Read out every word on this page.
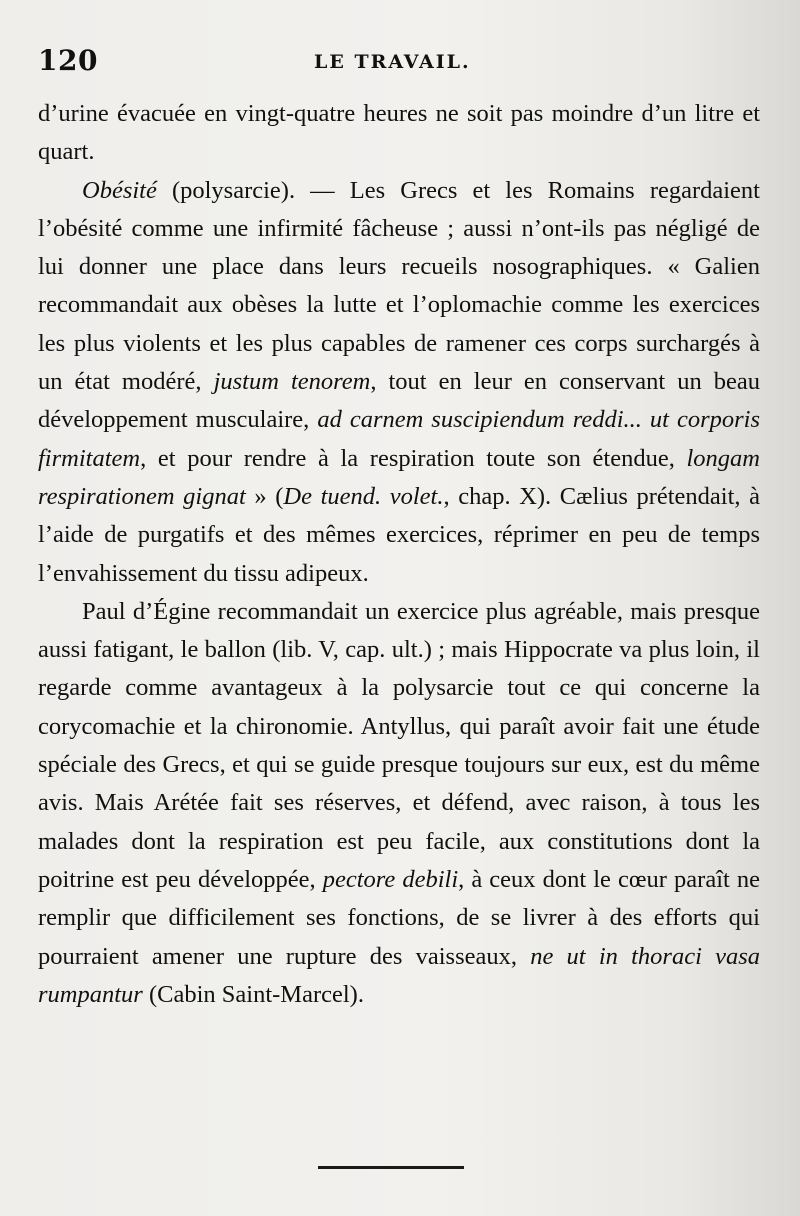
120	LE TRAVAIL.

d’urine évacuée en vingt-quatre heures ne soit pas moindre d’un litre et quart.

Obésité (polysarcie). — Les Grecs et les Romains regardaient l’obésité comme une infirmité fâcheuse ; aussi n’ont-ils pas négligé de lui donner une place dans leurs recueils nosographiques. « Galien recommandait aux obèses la lutte et l’oplomachie comme les exercices les plus violents et les plus capables de ramener ces corps surchargés à un état modéré, justum tenorem, tout en leur en conservant un beau développement musculaire, ad carnem suscipiendum reddi... ut corporis firmitatem, et pour rendre à la respiration toute son étendue, longam respirationem gignat » (De tuend. volet., chap. X). Cælius prétendait, à l’aide de purgatifs et des mêmes exercices, réprimer en peu de temps l’envahissement du tissu adipeux.

Paul d’Égine recommandait un exercice plus agréable, mais presque aussi fatigant, le ballon (lib. V, cap. ult.) ; mais Hippocrate va plus loin, il regarde comme avantageux à la polysarcie tout ce qui concerne la corycomachie et la chironomie. Antyllus, qui paraît avoir fait une étude spéciale des Grecs, et qui se guide presque toujours sur eux, est du même avis. Mais Arétée fait ses réserves, et défend, avec raison, à tous les malades dont la respiration est peu facile, aux constitutions dont la poitrine est peu développée, pectore debili, à ceux dont le cœur paraît ne remplir que difficilement ses fonctions, de se livrer à des efforts qui pourraient amener une rupture des vaisseaux, ne ut in thoraci vasa rumpantur (Cabin Saint-Marcel).
